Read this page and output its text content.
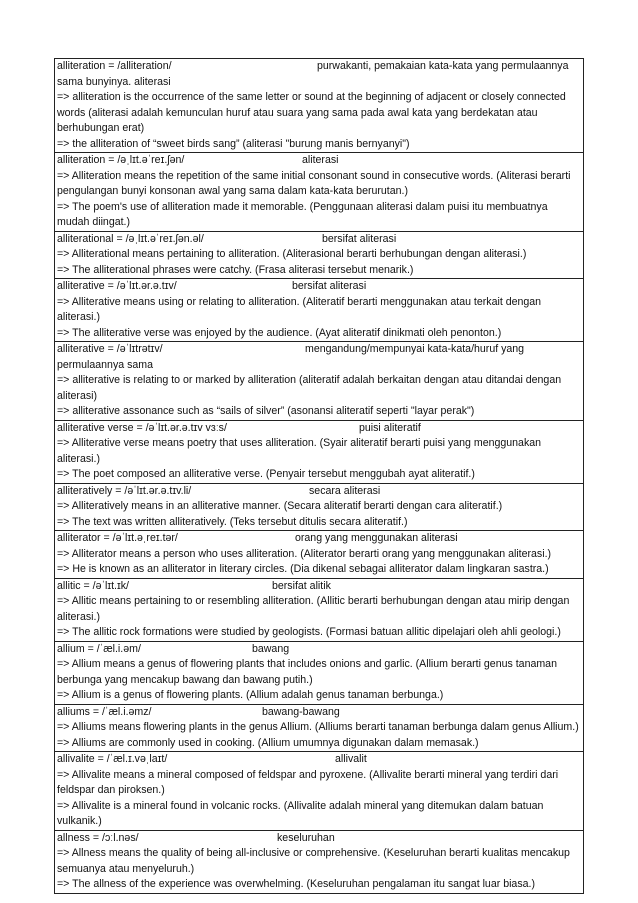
alliteration = /alliteration/	purwakanti, pemakaian kata-kata yang permulaannya
sama bunyinya. aliterasi
=> alliteration is the occurrence of the same letter or sound at the beginning of adjacent or closely connected words (aliterasi adalah kemunculan huruf atau suara yang sama pada awal kata yang berdekatan atau berhubungan erat)
=> the alliteration of “sweet birds sang” (aliterasi "burung manis bernyanyi")
alliteration = /əˌlɪt.əˈreɪ.ʃən/	aliterasi
=> Alliteration means the repetition of the same initial consonant sound in consecutive words. (Aliterasi berarti pengulangan bunyi konsonan awal yang sama dalam kata-kata berurutan.)
=> The poem's use of alliteration made it memorable. (Penggunaan aliterasi dalam puisi itu membuatnya mudah diingat.)
alliterational = /əˌlɪt.əˈreɪ.ʃən.əl/	bersifat aliterasi
=> Alliterational means pertaining to alliteration. (Aliterasional berarti berhubungan dengan aliterasi.)
=> The alliterational phrases were catchy. (Frasa aliterasi tersebut menarik.)
alliterative = /əˈlɪt.ər.ə.tɪv/	bersifat aliterasi
=> Alliterative means using or relating to alliteration. (Aliteratif berarti menggunakan atau terkait dengan aliterasi.)
=> The alliterative verse was enjoyed by the audience. (Ayat aliteratif dinikmati oleh penonton.)
alliterative = /əˈlɪtrətɪv/	mengandung/mempunyai kata-kata/huruf yang
permulaannya sama
=> alliterative is relating to or marked by alliteration (aliteratif adalah berkaitan dengan atau ditandai dengan aliterasi)
=> alliterative assonance such as “sails of silver” (asonansi aliteratif seperti "layar perak")
alliterative verse = /əˈlɪt.ər.ə.tɪv vɜːs/	puisi aliteratif
=> Alliterative verse means poetry that uses alliteration. (Syair aliteratif berarti puisi yang menggunakan aliterasi.)
=> The poet composed an alliterative verse. (Penyair tersebut menggubah ayat aliteratif.)
alliteratively = /əˈlɪt.ər.ə.tɪv.li/	secara aliterasi
=> Alliteratively means in an alliterative manner. (Secara aliteratif berarti dengan cara aliteratif.)
=> The text was written alliteratively. (Teks tersebut ditulis secara aliteratif.)
alliterator = /əˈlɪt.əˌreɪ.tər/	orang yang menggunakan aliterasi
=> Alliterator means a person who uses alliteration. (Aliterator berarti orang yang menggunakan aliterasi.)
=> He is known as an alliterator in literary circles. (Dia dikenal sebagai alliterator dalam lingkaran sastra.)
allitic = /əˈlɪt.ɪk/	bersifat alitik
=> Allitic means pertaining to or resembling alliteration. (Allitic berarti berhubungan dengan atau mirip dengan aliterasi.)
=> The allitic rock formations were studied by geologists. (Formasi batuan allitic dipelajari oleh ahli geologi.)
allium = /ˈæl.i.əm/	bawang
=> Allium means a genus of flowering plants that includes onions and garlic. (Allium berarti genus tanaman berbunga yang mencakup bawang dan bawang putih.)
=> Allium is a genus of flowering plants. (Allium adalah genus tanaman berbunga.)
alliums = /ˈæl.i.əmz/	bawang-bawang
=> Alliums means flowering plants in the genus Allium. (Alliums berarti tanaman berbunga dalam genus Allium.)
=> Alliums are commonly used in cooking. (Allium umumnya digunakan dalam memasak.)
allivalite = /ˈæl.ɪ.vəˌlaɪt/	allivalit
=> Allivalite means a mineral composed of feldspar and pyroxene. (Allivalite berarti mineral yang terdiri dari feldspar dan piroksen.)
=> Allivalite is a mineral found in volcanic rocks. (Allivalite adalah mineral yang ditemukan dalam batuan vulkanik.)
allness = /ɔːl.nəs/	keseluruhan
=> Allness means the quality of being all-inclusive or comprehensive. (Keseluruhan berarti kualitas mencakup semuanya atau menyeluruh.)
=> The allness of the experience was overwhelming. (Keseluruhan pengalaman itu sangat luar biasa.)
